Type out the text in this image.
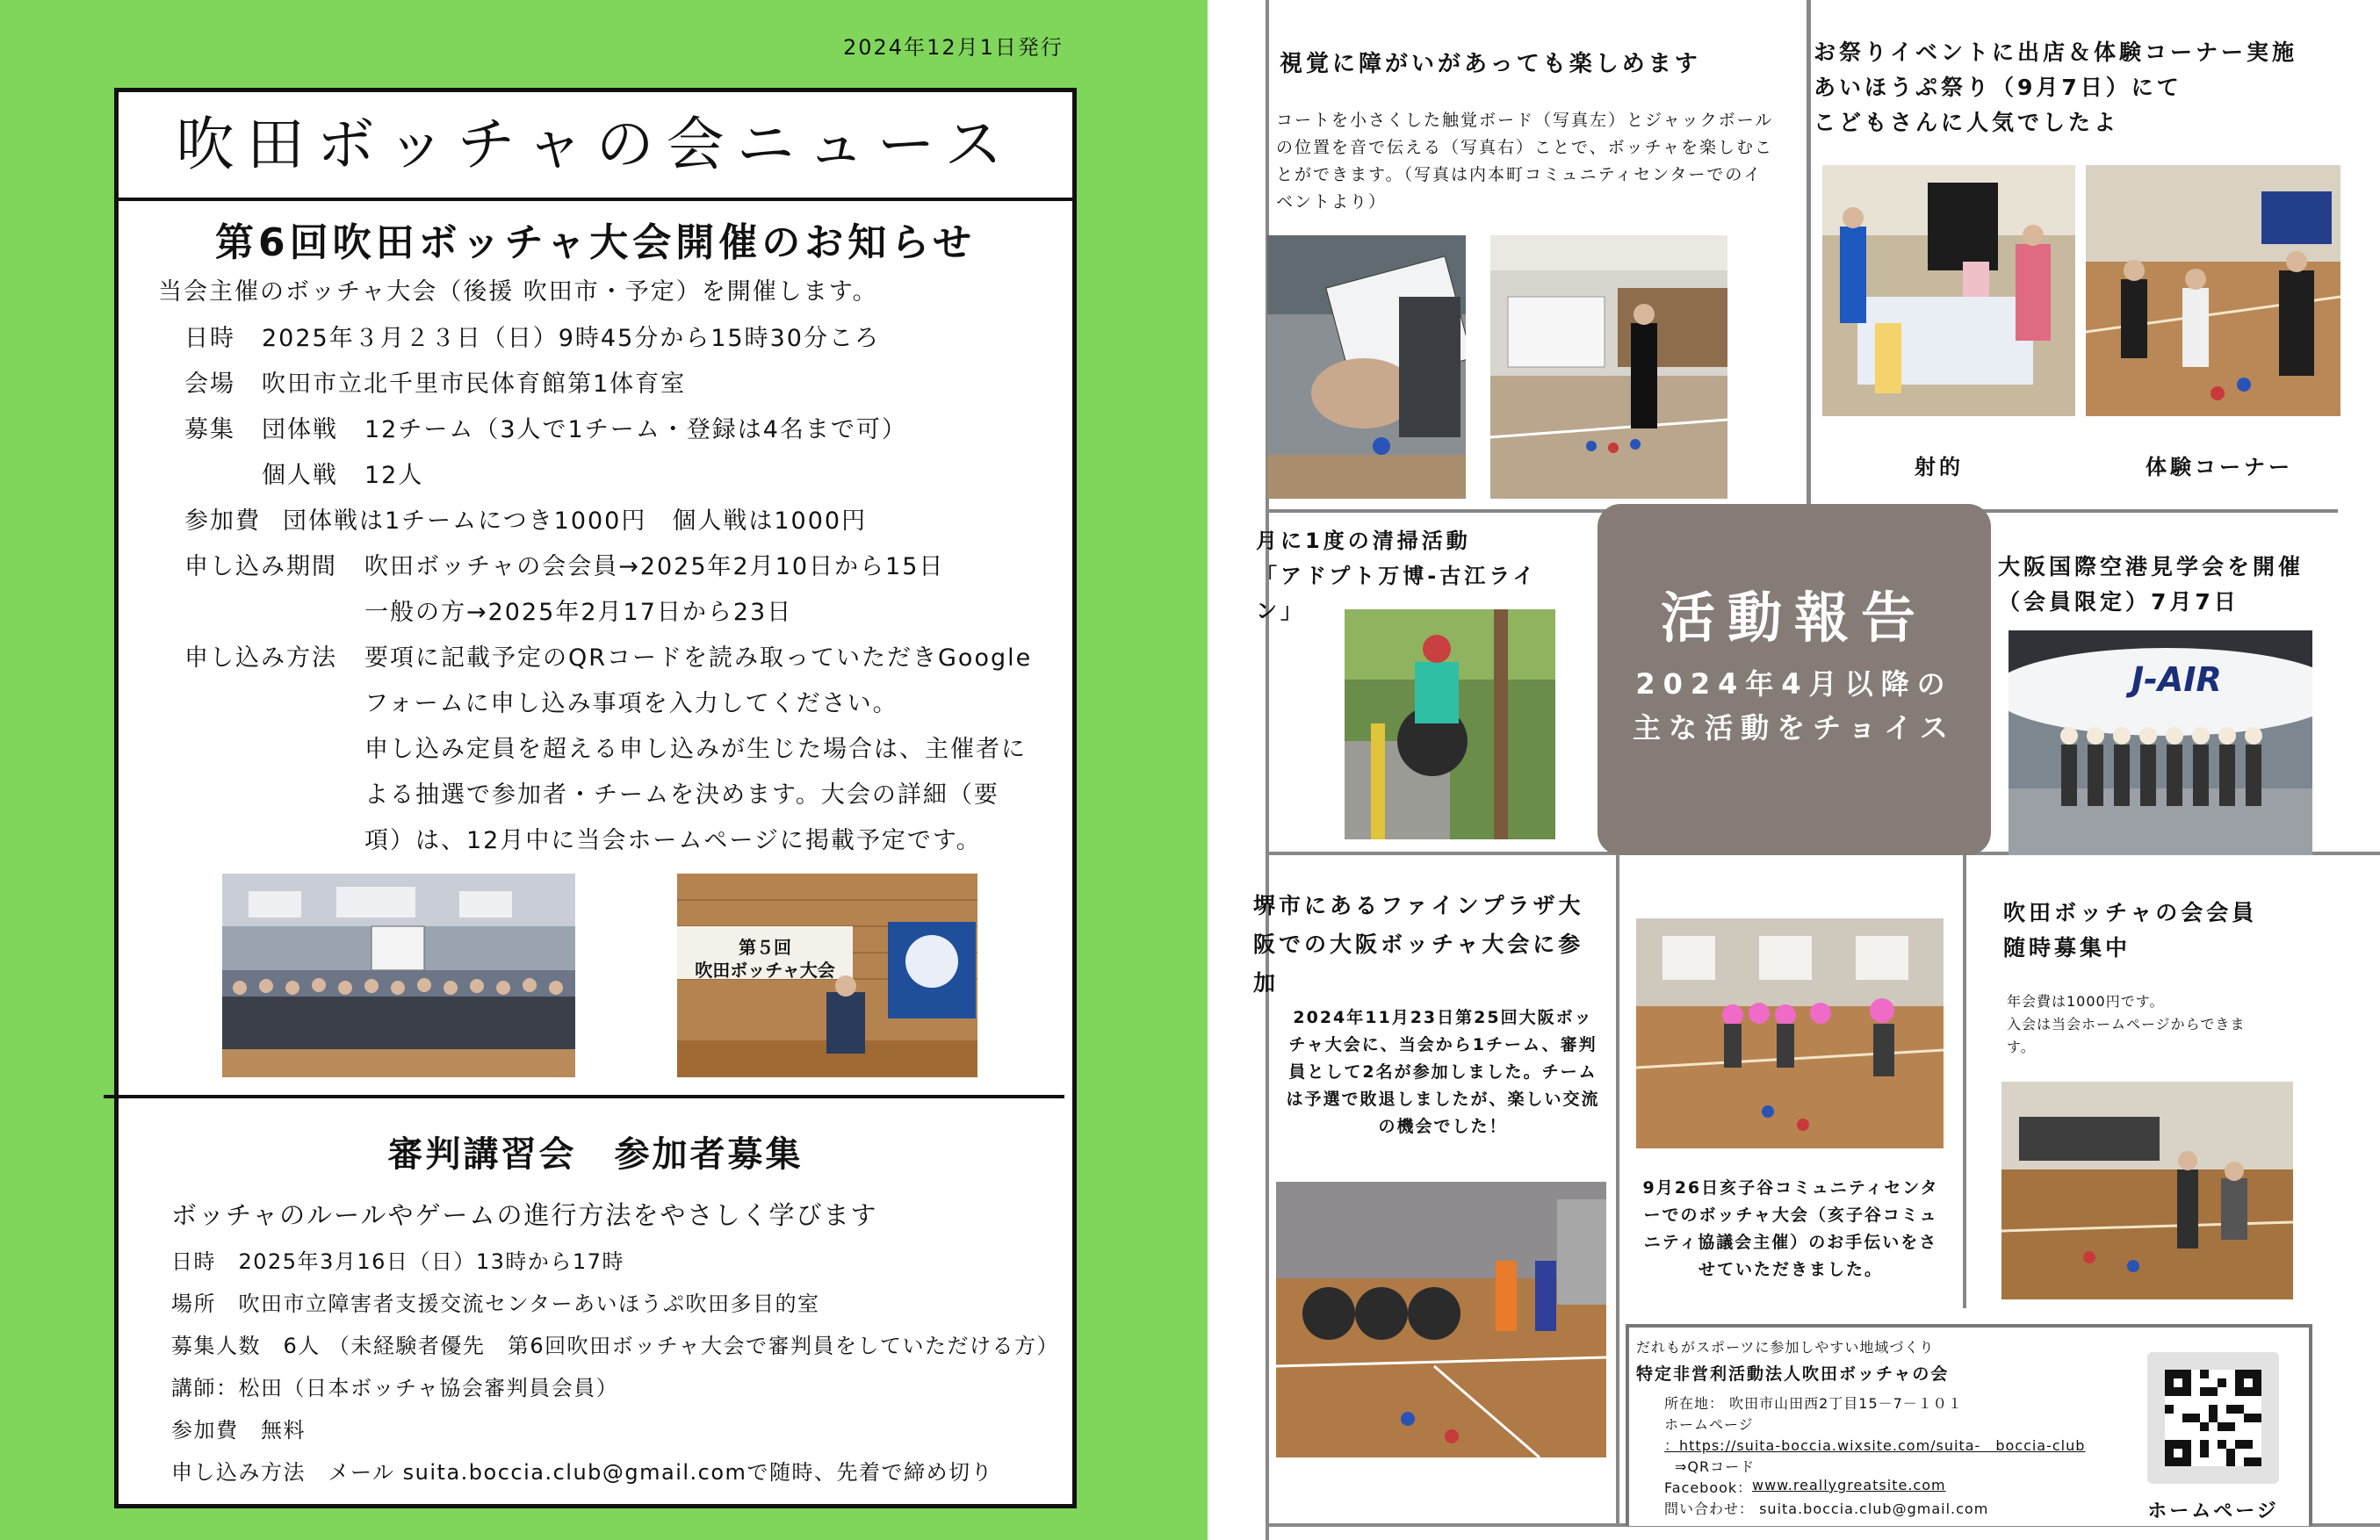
2024年12月1日発行
吹田ボッチャの会ニュース
第6回吹田ボッチャ大会開催のお知らせ
当会主催のボッチャ大会（後援 吹田市・予定）を開催します。
日時 2025年３月２３日（日）9時45分から15時30分ころ
会場 吹田市立北千里市民体育館第1体育室
募集 団体戦 12チーム（3人で1チーム・登録は4名まで可）
個人戦 12人
参加費 団体戦は1チームにつき1000円　個人戦は1000円
申し込み期間 吹田ボッチャの会会員→2025年2月10日から15日
一般の方→2025年2月17日から23日
申し込み方法 要項に記載予定のQRコードを読み取っていただきGoogle
フォームに申し込み事項を入力してください。
申し込み定員を超える申し込みが生じた場合は、主催者に
よる抽選で参加者・チームを決めます。大会の詳細（要
項）は、12月中に当会ホームページに掲載予定です。
第５回
吹田ボッチャ大会
審判講習会　参加者募集
ボッチャのルールやゲームの進行方法をやさしく学びます
日時　2025年3月16日（日）13時から17時
場所　吹田市立障害者支援交流センターあいほうぷ吹田多目的室
募集人数　6人 （未経験者優先　第6回吹田ボッチャ大会で審判員をしていただける方）
講師：松田（日本ボッチャ協会審判員会員）
参加費　無料
申し込み方法　メール suita.boccia.club@gmail.comで随時、先着で締め切り
視覚に障がいがあっても楽しめます
コートを小さくした触覚ボード（写真左）とジャックボールの位置を音で伝える（写真右）ことで、ボッチャを楽しむことができます。（写真は内本町コミュニティセンターでのイベントより）
お祭りイベントに出店＆体験コーナー実施
あいほうぷ祭り（9月7日）にて
こどもさんに人気でしたよ
射的	体験コーナー
月に1度の清掃活動
「アドプト万博-古江ライ
ン」	活動報告
2024年4月以降の
主な活動をチョイス
大阪国際空港見学会を開催
（会員限定）7月7日
J-AIR
堺市にあるファインプラザ大
阪での大阪ボッチャ大会に参
加
2024年11月23日第25回大阪ボッチャ大会に、当会から1チーム、審判員として2名が参加しました。チームは予選で敗退しましたが、楽しい交流の機会でした！
9月26日亥子谷コミュニティセンターでのボッチャ大会（亥子谷コミュニティ協議会主催）のお手伝いをさせていただきました。
吹田ボッチャの会会員
随時募集中
年会費は1000円です。
入会は当会ホームページからできま
す。
だれもがスポーツに参加しやすい地域づくり
特定非営利活動法人吹田ボッチャの会
所在地： 吹田市山田西2丁目15－7－１０１
ホームページ
：https://suita-boccia.wixsite.com/suita-　boccia-club
⇒QRコード
Facebook： www.reallygreatsite.com
問い合わせ： suita.boccia.club@gmail.com	ホームページ
